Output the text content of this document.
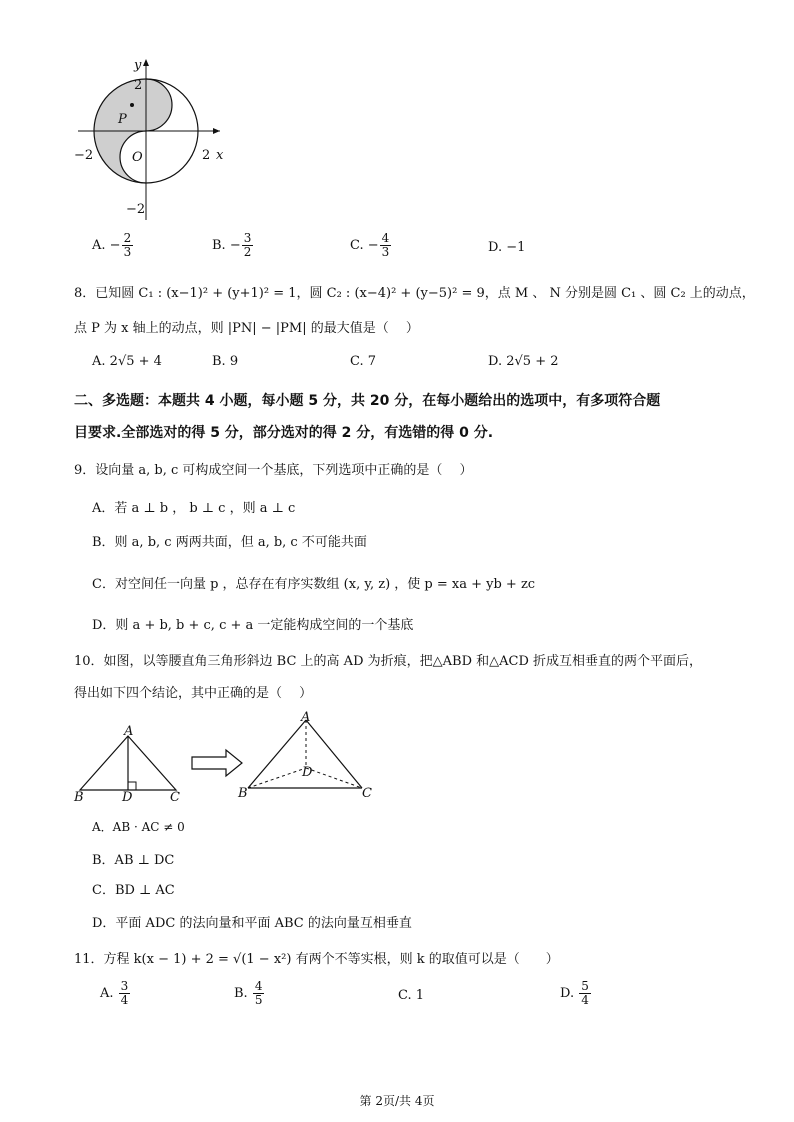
y
x
2
−2
−2	2
O
P
A. − $\frac{2}{3}$	B. − $\frac{3}{2}$	C. − $\frac{4}{3}$	D. −1
8．已知圆 C₁ : (x−1)² + (y+1)² = 1，圆 C₂ : (x−4)² + (y−5)² = 9，点 M 、 N 分别是圆 C₁ 、圆 C₂ 上的动点，
点 P 为 x 轴上的动点，则 |PN| − |PM| 的最大值是（　 ）
A. 2√5 + 4	B. 9	C. 7	D. 2√5 + 2
二、多选题：本题共 4 小题，每小题 5 分，共 20 分，在每小题给出的选项中，有多项符合题
目要求.全部选对的得 5 分，部分选对的得 2 分，有选错的得 0 分.
9．设向量 a, b, c 可构成空间一个基底，下列选项中正确的是（　 ）
A．若 a ⊥ b ， b ⊥ c ，则 a ⊥ c
B．则 a, b, c 两两共面，但 a, b, c 不可能共面
C．对空间任一向量 p ，总存在有序实数组 (x, y, z) ，使 p = xa + yb + zc
D．则 a + b, b + c, c + a 一定能构成空间的一个基底
10．如图，以等腰直角三角形斜边 BC 上的高 AD 为折痕，把△ABD 和△ACD 折成互相垂直的两个平面后，
得出如下四个结论，其中正确的是（　 ）
A
B	D	C
A
D
B	C
A．AB · AC ≠ 0
B．AB ⊥ DC
C．BD ⊥ AC
D．平面 ADC 的法向量和平面 ABC 的法向量互相垂直
11．方程 k(x − 1) + 2 = √(1 − x²) 有两个不等实根，则 k 的取值可以是（　　）
A. $\frac{3}{4}$	B. $\frac{4}{5}$	C. 1	D. $\frac{5}{4}$
第 2页/共 4页
